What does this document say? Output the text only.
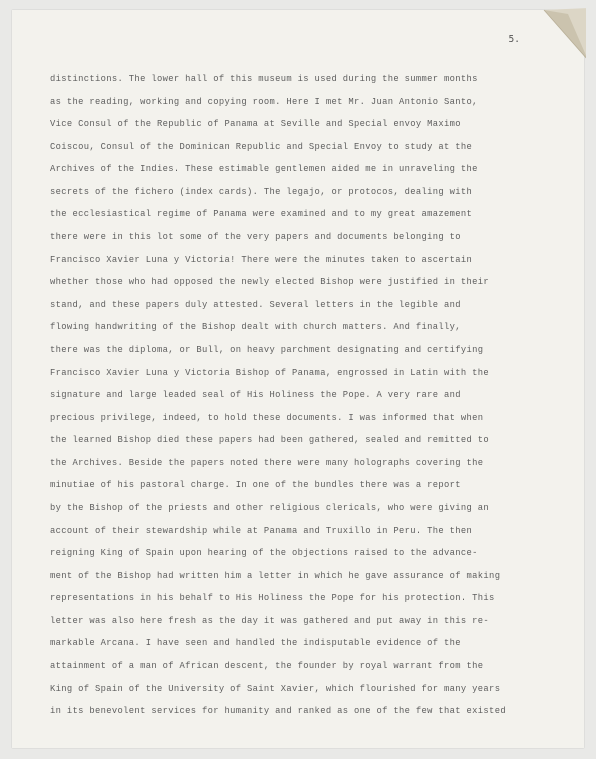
5.
distinctions. The lower hall of this museum is used during the summer months
as the reading, working and copying room. Here I met Mr. Juan Antonio Santo,
Vice Consul of the Republic of Panama at Seville and Special envoy Maximo
Coiscou, Consul of the Dominican Republic and Special Envoy to study at the
Archives of the Indies. These estimable gentlemen aided me in unraveling the
secrets of the fichero (index cards). The legajo, or protocos, dealing with
the ecclesiastical regime of Panama were examined and to my great amazement
there were in this lot some of the very papers and documents belonging to
Francisco Xavier Luna y Victoria! There were the minutes taken to ascertain
whether those who had opposed the newly elected Bishop were justified in their
stand, and these papers duly attested. Several letters in the legible and
flowing handwriting of the Bishop dealt with church matters. And finally,
there was the diploma, or Bull, on heavy parchment designating and certifying
Francisco Xavier Luna y Victoria Bishop of Panama, engrossed in Latin with the
signature and large leaded seal of His Holiness the Pope. A very rare and
precious privilege, indeed, to hold these documents. I was informed that when
the learned Bishop died these papers had been gathered, sealed and remitted to
the Archives. Beside the papers noted there were many holographs covering the
minutiae of his pastoral charge. In one of the bundles there was a report
by the Bishop of the priests and other religious clericals, who were giving an
account of their stewardship while at Panama and Truxillo in Peru. The then
reigning King of Spain upon hearing of the objections raised to the advance-
ment of the Bishop had written him a letter in which he gave assurance of making
representations in his behalf to His Holiness the Pope for his protection. This
letter was also here fresh as the day it was gathered and put away in this re-
markable Arcana. I have seen and handled the indisputable evidence of the
attainment of a man of African descent, the founder by royal warrant from the
King of Spain of the University of Saint Xavier, which flourished for many years
in its benevolent services for humanity and ranked as one of the few that existed
